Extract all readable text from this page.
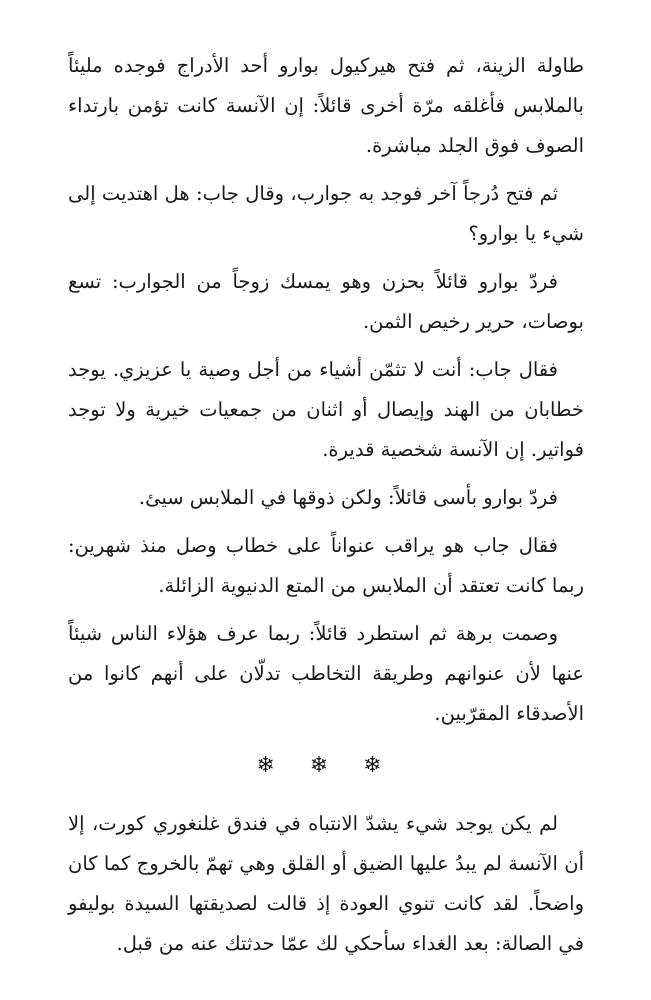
طاولة الزينة، ثم فتح هيركيول بوارو أحد الأدراج فوجده مليئاً بالملابس فأغلقه مرّة أخرى قائلاً: إن الآنسة كانت تؤمن بارتداء الصوف فوق الجلد مباشرة.

ثم فتح دُرجاً آخر فوجد به جوارب، وقال جاب: هل اهتديت إلى شيء يا بوارو؟

فردّ بوارو قائلاً بحزن وهو يمسك زوجاً من الجوارب: تسع بوصات، حرير رخيص الثمن.

فقال جاب: أنت لا تثمّن أشياء من أجل وصية يا عزيزي. يوجد خطابان من الهند وإيصال أو اثنان من جمعيات خيرية ولا توجد فواتير. إن الآنسة شخصية قديرة.

فردّ بوارو بأسى قائلاً: ولكن ذوقها في الملابس سيئ.

فقال جاب هو يراقب عنواناً على خطاب وصل منذ شهرين: ربما كانت تعتقد أن الملابس من المتع الدنيوية الزائلة.

وصمت برهة ثم استطرد قائلاً: ربما عرف هؤلاء الناس شيئاً عنها لأن عنوانهم وطريقة التخاطب تدلّان على أنهم كانوا من الأصدقاء المقرّبين.

❄ ❄ ❄

لم يكن يوجد شيء يشدّ الانتباه في فندق غلنغوري كورت، إلا أن الآنسة لم يبدُ عليها الضيق أو القلق وهي تهمّ بالخروج كما كان واضحاً. لقد كانت تنوي العودة إذ قالت لصديقتها السيدة بوليفو في الصالة: بعد الغداء سأحكي لك عمّا حدثتك عنه من قبل.
